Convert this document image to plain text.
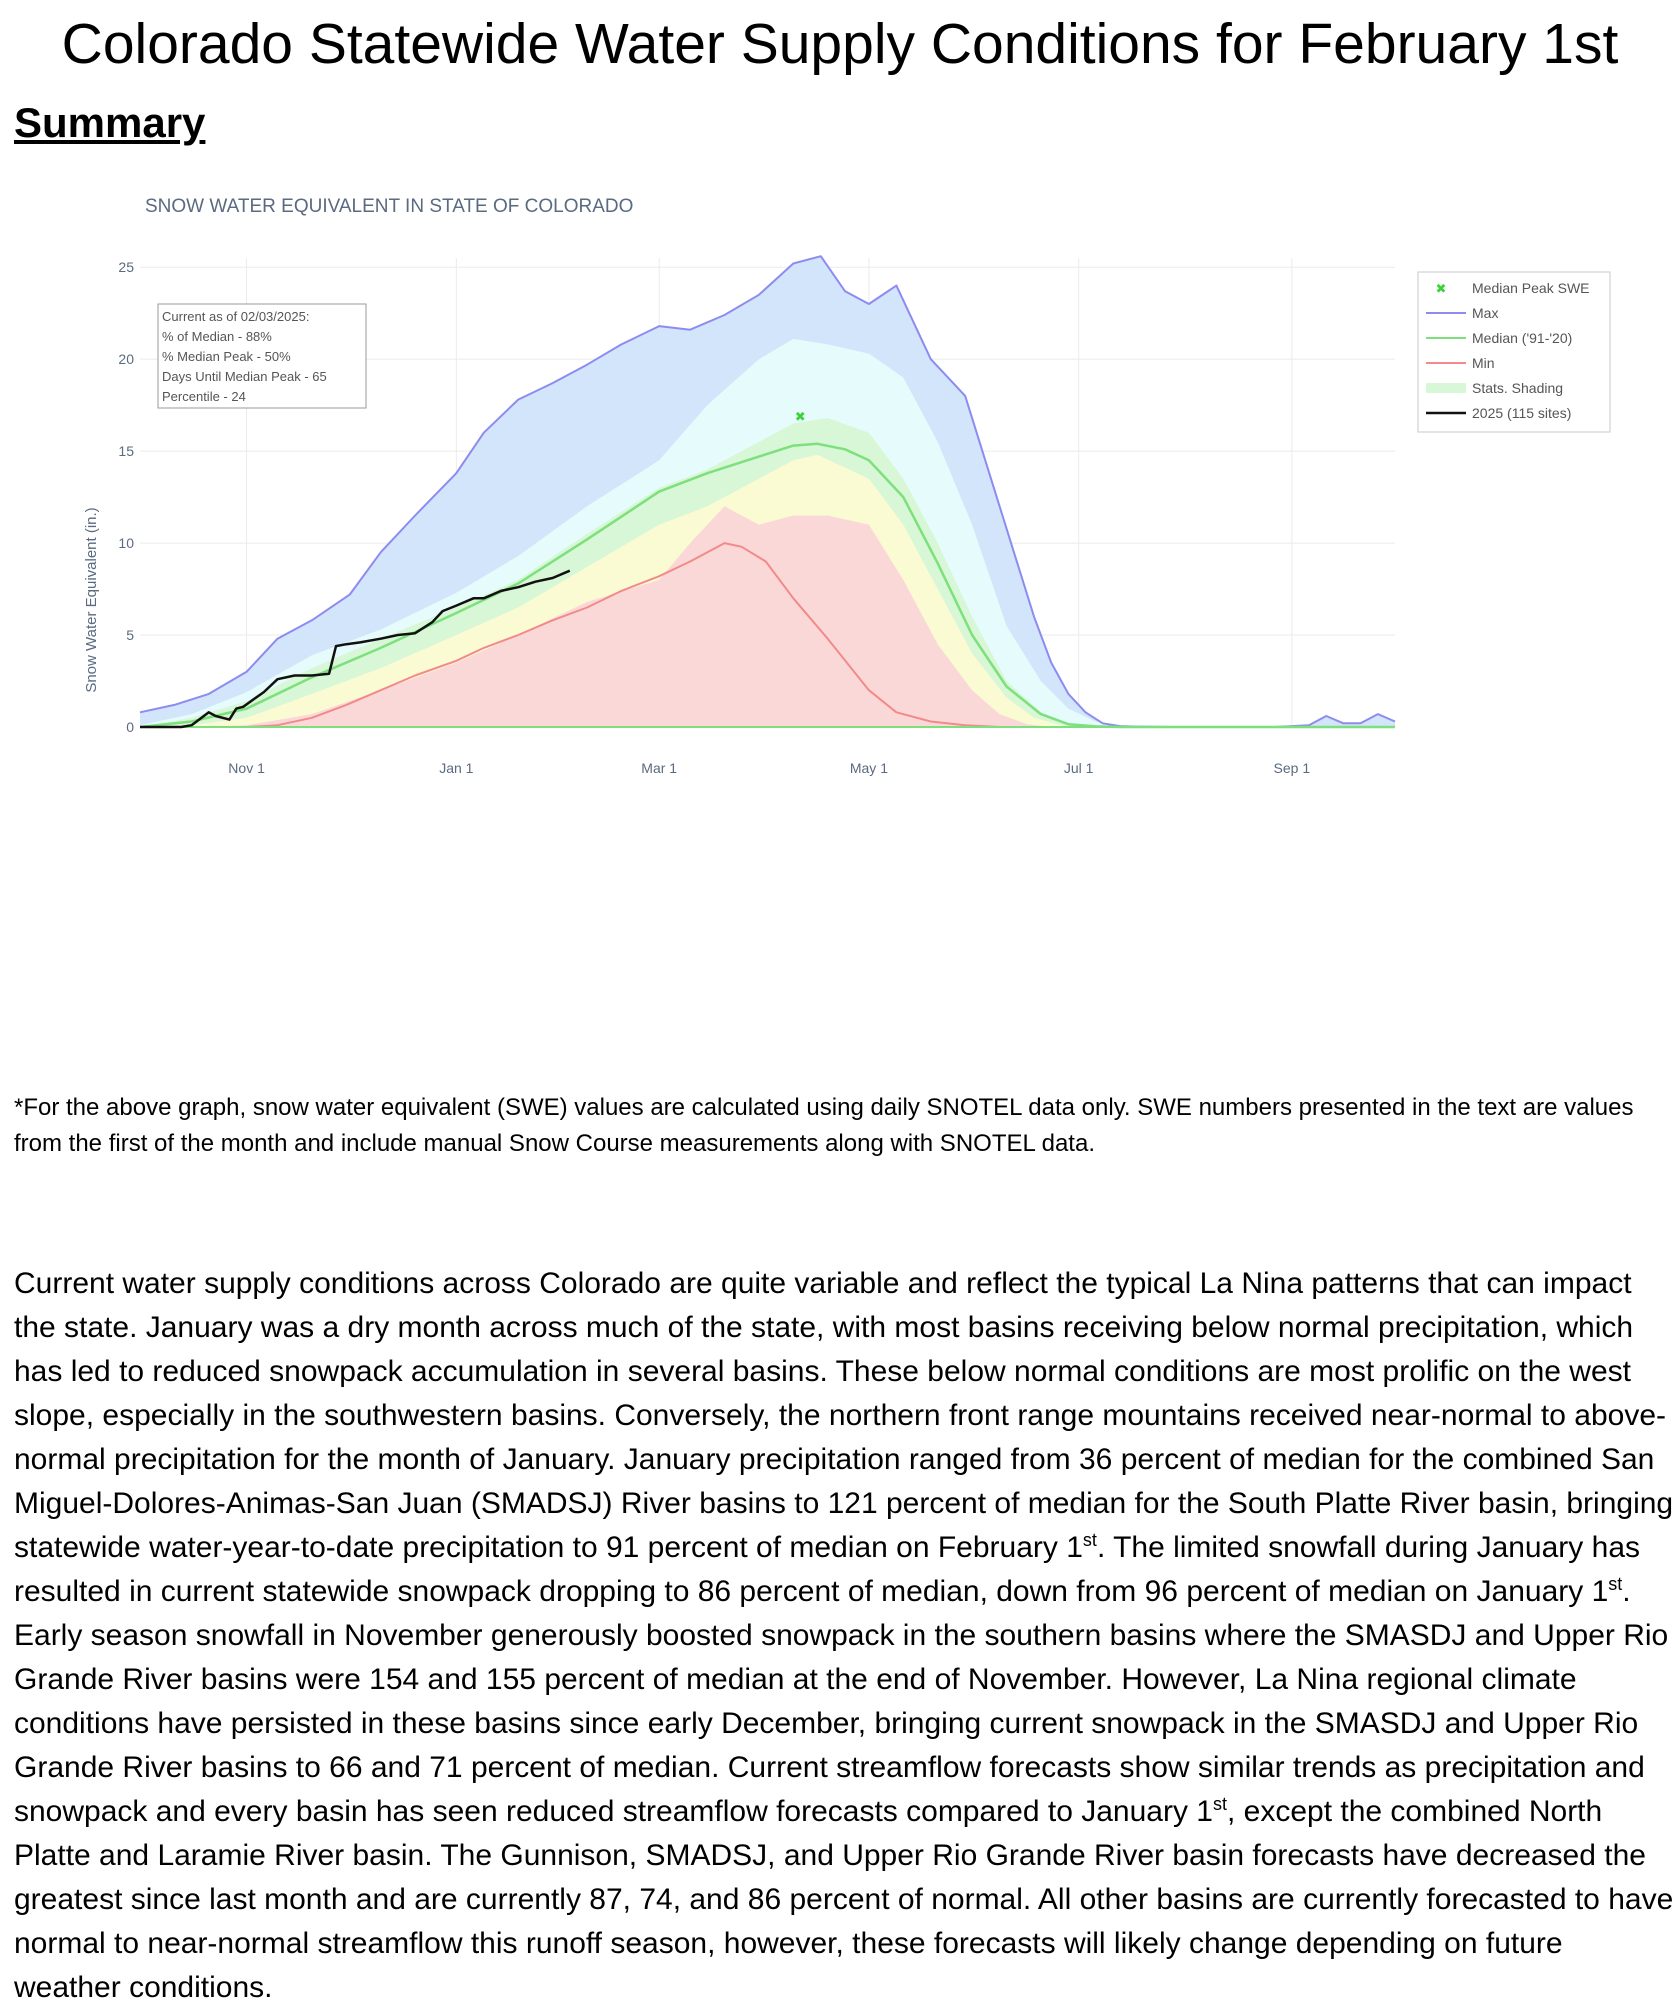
Colorado Statewide Water Supply Conditions for February 1st
Summary
SNOW WATER EQUIVALENT IN STATE OF COLORADO
Snow Water Equivalent (in.)
Nov 1	Jan 1	Mar 1	May 1	Jul 1	Sep 1
0
5
10
15
20
25
✖
Current as of 02/03/2025:
% of Median - 88%
% Median Peak - 50%
Days Until Median Peak - 65
Percentile - 24
✖ Median Peak SWE
Max
Median ('91-'20)
Min
Stats. Shading
2025 (115 sites)

*For the above graph, snow water equivalent (SWE) values are calculated using daily SNOTEL data only. SWE numbers presented in the text are values from the first of the month and include manual Snow Course measurements along with SNOTEL data.

Current water supply conditions across Colorado are quite variable and reflect the typical La Nina patterns that can impact the state. January was a dry month across much of the state, with most basins receiving below normal precipitation, which has led to reduced snowpack accumulation in several basins. These below normal conditions are most prolific on the west slope, especially in the southwestern basins. Conversely, the northern front range mountains received near-normal to above-normal precipitation for the month of January. January precipitation ranged from 36 percent of median for the combined San Miguel-Dolores-Animas-San Juan (SMADSJ) River basins to 121 percent of median for the South Platte River basin, bringing statewide water-year-to-date precipitation to 91 percent of median on February 1st. The limited snowfall during January has resulted in current statewide snowpack dropping to 86 percent of median, down from 96 percent of median on January 1st. Early season snowfall in November generously boosted snowpack in the southern basins where the SMASDJ and Upper Rio Grande River basins were 154 and 155 percent of median at the end of November. However, La Nina regional climate conditions have persisted in these basins since early December, bringing current snowpack in the SMASDJ and Upper Rio Grande River basins to 66 and 71 percent of median. Current streamflow forecasts show similar trends as precipitation and snowpack and every basin has seen reduced streamflow forecasts compared to January 1st, except the combined North Platte and Laramie River basin. The Gunnison, SMADSJ, and Upper Rio Grande River basin forecasts have decreased the greatest since last month and are currently 87, 74, and 86 percent of normal. All other basins are currently forecasted to have normal to near-normal streamflow this runoff season, however, these forecasts will likely change depending on future weather conditions.
